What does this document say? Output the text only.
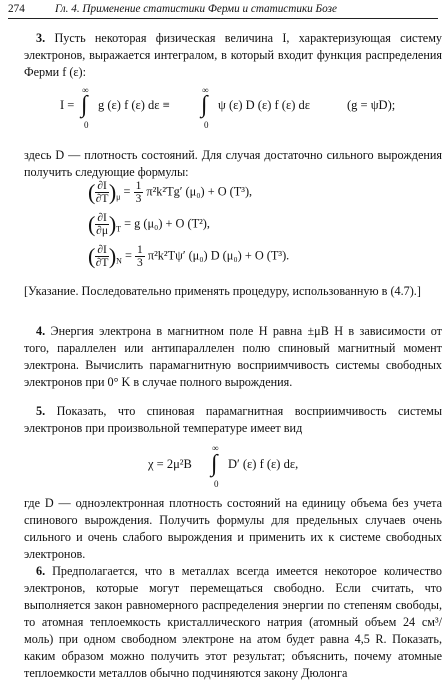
274	Гл. 4. Применение статистики Ферми и статистики Бозе
3. Пусть некоторая физическая величина I, характеризующая систему электронов, выражается интегралом, в который входит функция распределения Ферми f (ε):
I =
∞
∫
0
g (ε) f (ε) dε ≡
∞
∫
0
ψ (ε) D (ε) f (ε) dε	(g = ψD);
здесь D — плотность состояний. Для случая достаточно сильного вырождения получить следующие формулы:
( $\frac{\partial I}{\partial T} )_\mu = \frac{1}{3} \pi^2k^2Tg'$ (μ₀) + O (T³),
( $\frac{\partial I}{\partial\mu} )_T = g$ (μ₀) + O (T²),
( $\frac{\partial I}{\partial T} )_N = \frac{1}{3} \pi^2k^2T\psi'$ (μ₀) D (μ₀) + O (T³).
[Указание. Последовательно применять процедуру, использованную в (4.7).]
4. Энергия электрона в магнитном поле H равна ±μB H в зависимости от того, параллелен или антипараллелен полю спиновый магнитный момент электрона. Вычислить парамагнитную восприимчивость системы свободных электронов при 0° K в случае полного вырождения.
5. Показать, что спиновая парамагнитная восприимчивость системы электронов при произвольной температуре имеет вид
χ = 2μ²B
∞
∫
0
D′ (ε) f (ε) dε,
где D — одноэлектронная плотность состояний на единицу объема без учета спинового вырождения. Получить формулы для предельных случаев очень сильного и очень слабого вырождения и применить их к системе свободных электронов.
6. Предполагается, что в металлах всегда имеется некоторое количество электронов, которые могут перемещаться свободно. Если считать, что выполняется закон равномерного распределения энергии по степеням свободы, то атомная теплоемкость кристаллического натрия (атомный объем 24 см³/моль) при одном свободном электроне на атом будет равна 4,5 R. Показать, каким образом можно получить этот результат; объяснить, почему атомные теплоемкости металлов обычно подчиняются закону Дюлонга
